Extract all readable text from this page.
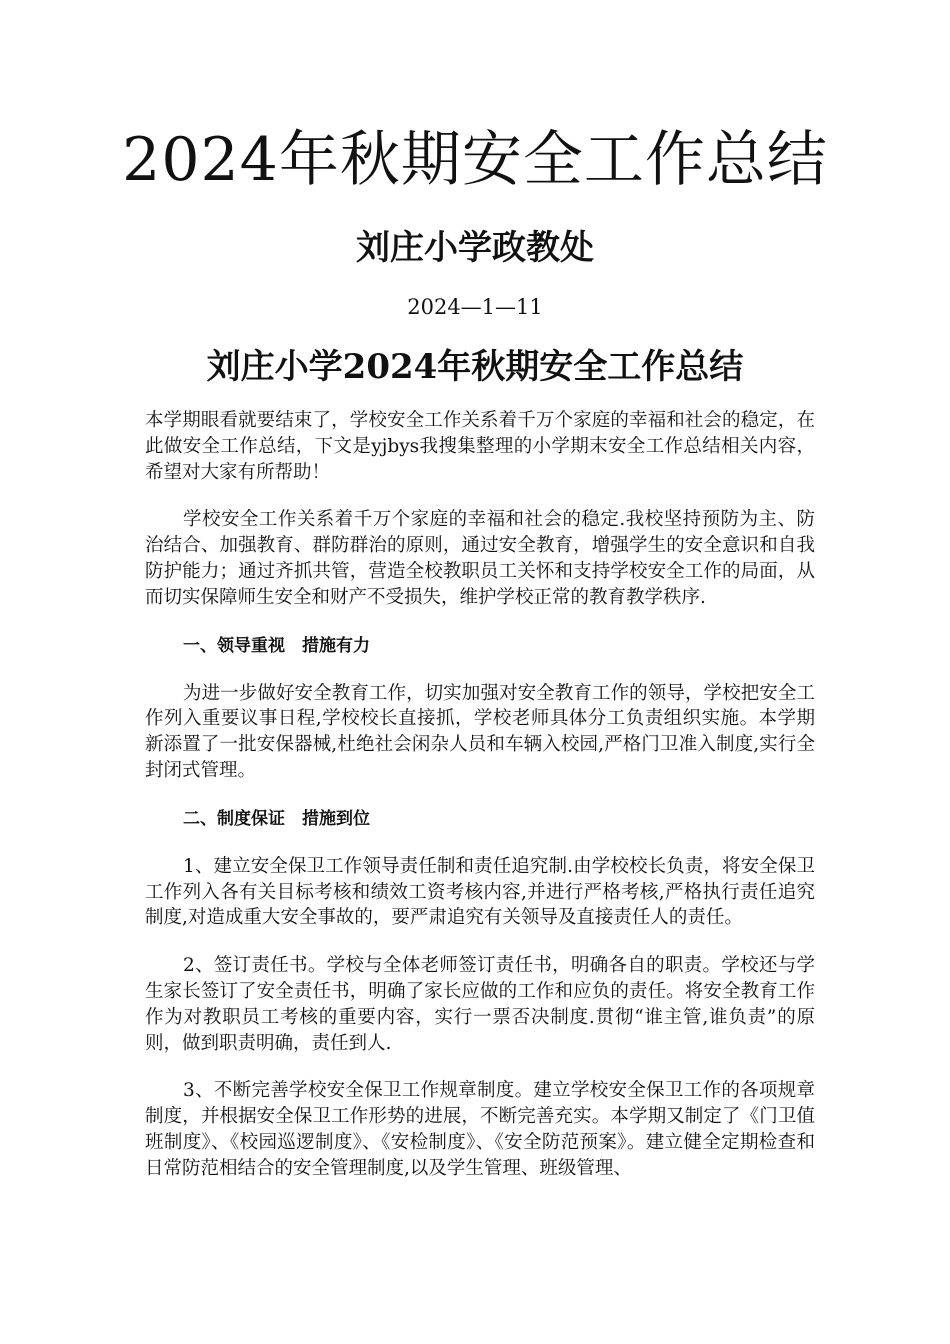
2024年秋期安全工作总结
刘庄小学政教处
2024—1—11
刘庄小学2024年秋期安全工作总结

本学期眼看就要结束了，学校安全工作关系着千万个家庭的幸福和社会的稳定，在此做安全工作总结，下文是yjbys我搜集整理的小学期末安全工作总结相关内容，希望对大家有所帮助！

学校安全工作关系着千万个家庭的幸福和社会的稳定.我校坚持预防为主、防治结合、加强教育、群防群治的原则，通过安全教育，增强学生的安全意识和自我防护能力；通过齐抓共管，营造全校教职员工关怀和支持学校安全工作的局面，从而切实保障师生安全和财产不受损失，维护学校正常的教育教学秩序.

一、领导重视　措施有力

为进一步做好安全教育工作，切实加强对安全教育工作的领导，学校把安全工作列入重要议事日程,学校校长直接抓，学校老师具体分工负责组织实施。本学期新添置了一批安保器械,杜绝社会闲杂人员和车辆入校园,严格门卫准入制度,实行全封闭式管理。

二、制度保证　措施到位

1、建立安全保卫工作领导责任制和责任追究制.由学校校长负责，将安全保卫工作列入各有关目标考核和绩效工资考核内容,并进行严格考核,严格执行责任追究制度,对造成重大安全事故的，要严肃追究有关领导及直接责任人的责任。

2、签订责任书。学校与全体老师签订责任书，明确各自的职责。学校还与学生家长签订了安全责任书，明确了家长应做的工作和应负的责任。将安全教育工作作为对教职员工考核的重要内容，实行一票否决制度.贯彻“谁主管,谁负责”的原则，做到职责明确，责任到人.

3、不断完善学校安全保卫工作规章制度。建立学校安全保卫工作的各项规章制度，并根据安全保卫工作形势的进展，不断完善充实。本学期又制定了《门卫值班制度》、《校园巡逻制度》、《安检制度》、《安全防范预案》。建立健全定期检查和日常防范相结合的安全管理制度,以及学生管理、班级管理、
